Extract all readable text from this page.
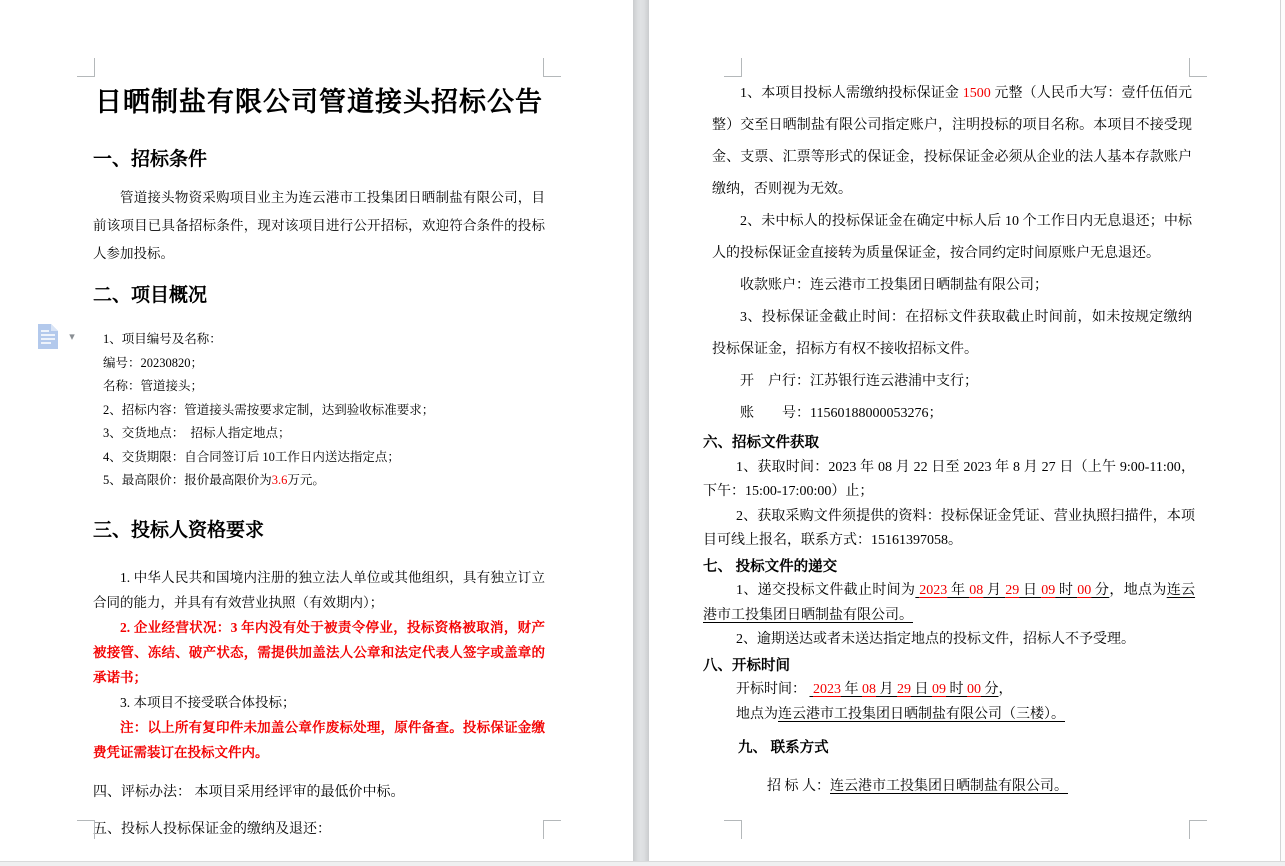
日晒制盐有限公司管道接头招标公告
一、招标条件

管道接头物资采购项目业主为连云港市工投集团日晒制盐有限公司，目前该项目已具备招标条件，现对该项目进行公开招标，欢迎符合条件的投标人参加投标。

二、项目概况

1、项目编号及名称：

编号：20230820；

名称：管道接头；

2、招标内容：管道接头需按要求定制，达到验收标准要求；

3、交货地点：  招标人指定地点；

4、交货期限：自合同签订后 10工作日内送达指定点；

5、最高限价：报价最高限价为3.6万元。

三、投标人资格要求

1. 中华人民共和国境内注册的独立法人单位或其他组织，具有独立订立合同的能力，并具有有效营业执照（有效期内）；

2. 企业经营状况：3 年内没有处于被责令停业，投标资格被取消，财产被接管、冻结、破产状态，需提供加盖法人公章和法定代表人签字或盖章的承诺书；

3. 本项目不接受联合体投标；

注：以上所有复印件未加盖公章作废标处理，原件备查。投标保证金缴费凭证需装订在投标文件内。

四、评标办法： 本项目采用经评审的最低价中标。

五、投标人投标保证金的缴纳及退还：

1、本项目投标人需缴纳投标保证金 1500 元整（人民币大写：壹仟伍佰元整）交至日晒制盐有限公司指定账户，注明投标的项目名称。本项目不接受现金、支票、汇票等形式的保证金，投标保证金必须从企业的法人基本存款账户缴纳，否则视为无效。

2、未中标人的投标保证金在确定中标人后 10 个工作日内无息退还；中标人的投标保证金直接转为质量保证金，按合同约定时间原账户无息退还。

收款账户：连云港市工投集团日晒制盐有限公司；

3、投标保证金截止时间：在招标文件获取截止时间前，如未按规定缴纳投标保证金，招标方有权不接收招标文件。

开　户行：江苏银行连云港浦中支行；

账　　号：11560188000053276；

六、招标文件获取

1、获取时间：2023 年 08 月 22 日至 2023 年 8 月 27 日（上午 9:00-11:00，下午：15:00-17:00:00）止；

2、获取采购文件须提供的资料：投标保证金凭证、营业执照扫描件，本项目可线上报名，联系方式：15161397058。

七、 投标文件的递交

1、递交投标文件截止时间为 2023 年 08 月 29 日 09 时 00 分，地点为连云港市工投集团日晒制盐有限公司。

2、逾期送达或者未送达指定地点的投标文件，招标人不予受理。

八、开标时间

开标时间：  2023 年 08 月 29 日 09 时 00 分，

地点为连云港市工投集团日晒制盐有限公司（三楼）。

九、 联系方式

招 标 人：连云港市工投集团日晒制盐有限公司。

▾
